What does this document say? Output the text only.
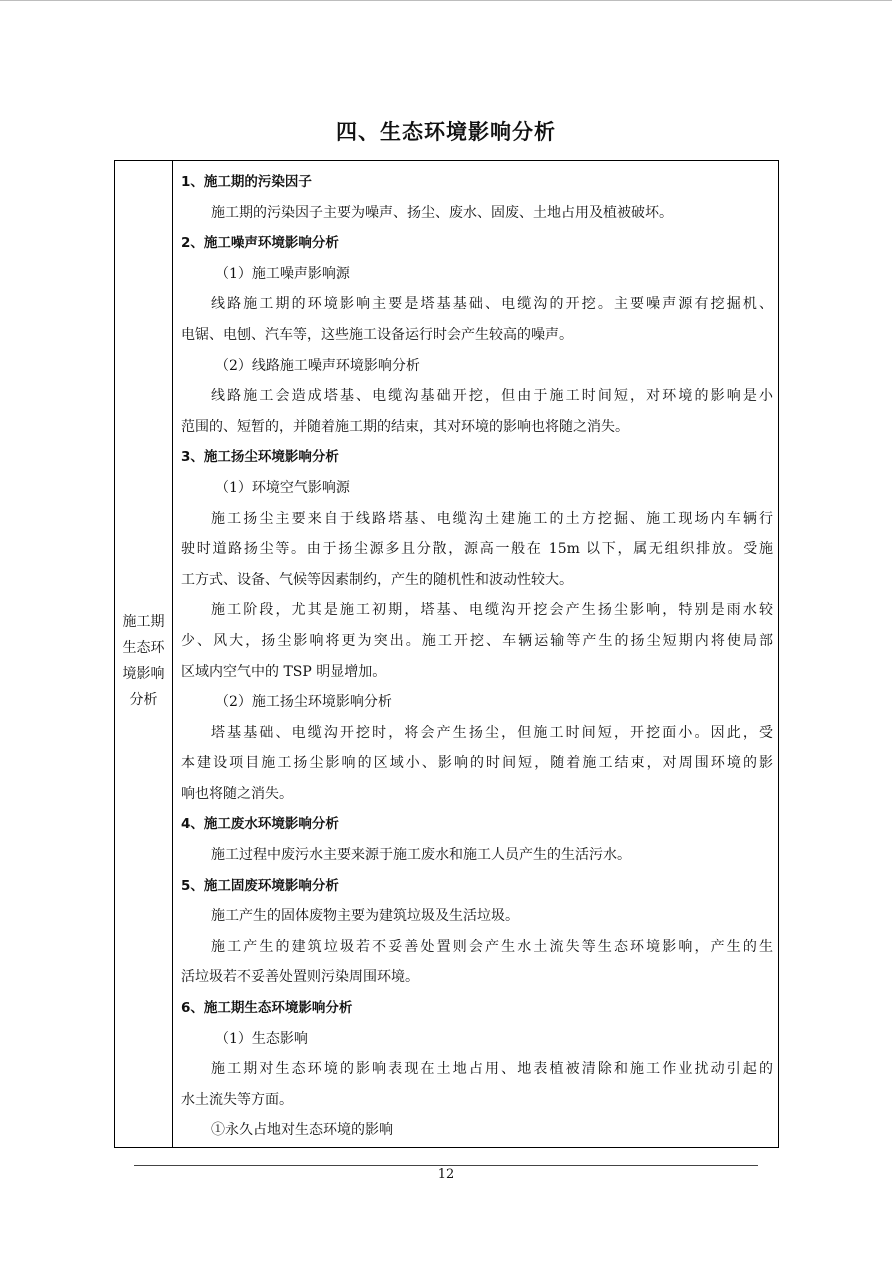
四、生态环境影响分析
施工期
生态环
境影响
分析
1、施工期的污染因子
施工期的污染因子主要为噪声、扬尘、废水、固废、土地占用及植被破坏。
2、施工噪声环境影响分析
（1）施工噪声影响源
线路施工期的环境影响主要是塔基基础、电缆沟的开挖。主要噪声源有挖掘机、
电锯、电刨、汽车等，这些施工设备运行时会产生较高的噪声。
（2）线路施工噪声环境影响分析
线路施工会造成塔基、电缆沟基础开挖，但由于施工时间短，对环境的影响是小
范围的、短暂的，并随着施工期的结束，其对环境的影响也将随之消失。
3、施工扬尘环境影响分析
（1）环境空气影响源
施工扬尘主要来自于线路塔基、电缆沟土建施工的土方挖掘、施工现场内车辆行
驶时道路扬尘等。由于扬尘源多且分散，源高一般在 15m 以下，属无组织排放。受施
工方式、设备、气候等因素制约，产生的随机性和波动性较大。
施工阶段，尤其是施工初期，塔基、电缆沟开挖会产生扬尘影响，特别是雨水较
少、风大，扬尘影响将更为突出。施工开挖、车辆运输等产生的扬尘短期内将使局部
区域内空气中的 TSP 明显增加。
（2）施工扬尘环境影响分析
塔基基础、电缆沟开挖时，将会产生扬尘，但施工时间短，开挖面小。因此，受
本建设项目施工扬尘影响的区域小、影响的时间短，随着施工结束，对周围环境的影
响也将随之消失。
4、施工废水环境影响分析
施工过程中废污水主要来源于施工废水和施工人员产生的生活污水。
5、施工固废环境影响分析
施工产生的固体废物主要为建筑垃圾及生活垃圾。
施工产生的建筑垃圾若不妥善处置则会产生水土流失等生态环境影响，产生的生
活垃圾若不妥善处置则污染周围环境。
6、施工期生态环境影响分析
（1）生态影响
施工期对生态环境的影响表现在土地占用、地表植被清除和施工作业扰动引起的
水土流失等方面。
①永久占地对生态环境的影响
12
